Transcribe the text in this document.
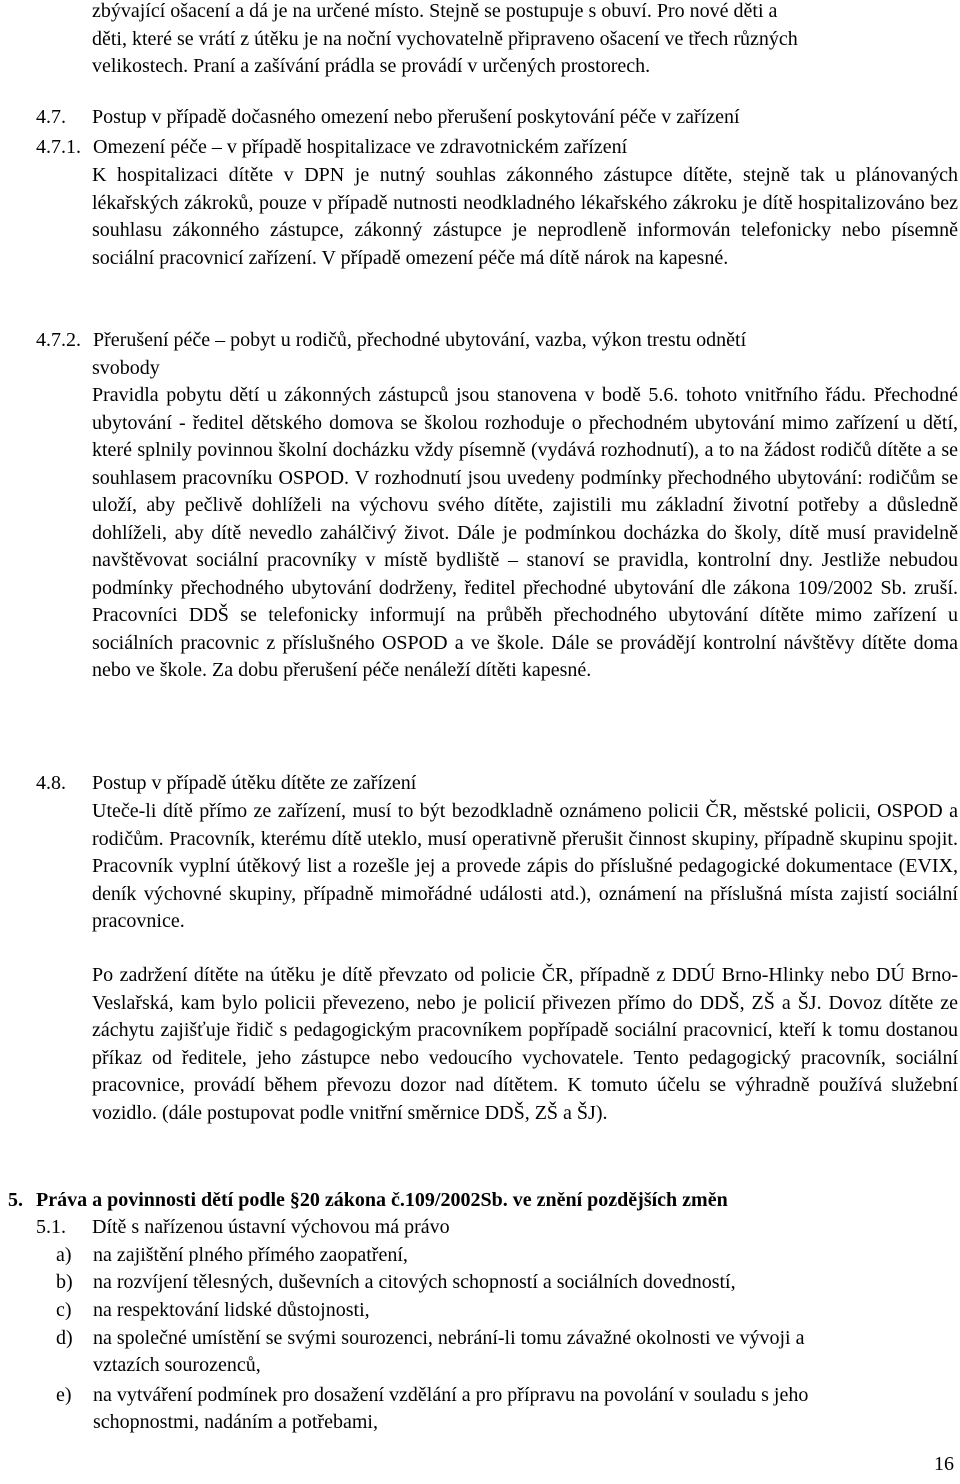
zbývající ošacení a dá je na určené místo. Stejně se postupuje s obuví. Pro nové děti a
děti, které se vrátí z útěku je na noční vychovatelně připraveno ošacení ve třech různých
velikostech. Praní a zašívání prádla se provádí v určených prostorech.
4.7. Postup v případě dočasného omezení nebo přerušení poskytování péče v zařízení
4.7.1. Omezení péče – v případě hospitalizace ve zdravotnickém zařízení
K hospitalizaci dítěte v DPN je nutný souhlas zákonného zástupce dítěte, stejně tak u plánovaných lékařských zákroků, pouze v případě nutnosti neodkladného lékařského zákroku je dítě hospitalizováno bez souhlasu zákonného zástupce, zákonný zástupce je neprodleně informován telefonicky nebo písemně sociální pracovnicí zařízení. V případě omezení péče má dítě nárok na kapesné.
4.7.2. Přerušení péče – pobyt u rodičů, přechodné ubytování, vazba, výkon trestu odnětí
svobody
Pravidla pobytu dětí u zákonných zástupců jsou stanovena v bodě 5.6. tohoto vnitřního řádu. Přechodné ubytování - ředitel dětského domova se školou rozhoduje o přechodném ubytování mimo zařízení u dětí, které splnily povinnou školní docházku vždy písemně (vydává rozhodnutí), a to na žádost rodičů dítěte a se souhlasem pracovníku OSPOD. V rozhodnutí jsou uvedeny podmínky přechodného ubytování: rodičům se uloží, aby pečlivě dohlíželi na výchovu svého dítěte, zajistili mu základní životní potřeby a důsledně dohlíželi, aby dítě nevedlo zahálčivý život. Dále je podmínkou docházka do školy, dítě musí pravidelně navštěvovat sociální pracovníky v místě bydliště – stanoví se pravidla, kontrolní dny. Jestliže nebudou podmínky přechodného ubytování dodrženy, ředitel přechodné ubytování dle zákona 109/2002 Sb. zruší. Pracovníci DDŠ se telefonicky informují na průběh přechodného ubytování dítěte mimo zařízení u sociálních pracovnic z příslušného OSPOD a ve škole. Dále se provádějí kontrolní návštěvy dítěte doma nebo ve škole. Za dobu přerušení péče nenáleží dítěti kapesné.
4.8. Postup v případě útěku dítěte ze zařízení
Uteče-li dítě přímo ze zařízení, musí to být bezodkladně oznámeno policii ČR, městské policii, OSPOD a rodičům. Pracovník, kterému dítě uteklo, musí operativně přerušit činnost skupiny, případně skupinu spojit. Pracovník vyplní útěkový list a rozešle jej a provede zápis do příslušné pedagogické dokumentace (EVIX, deník výchovné skupiny, případně mimořádné události atd.), oznámení na příslušná místa zajistí sociální pracovnice.
Po zadržení dítěte na útěku je dítě převzato od policie ČR, případně z DDÚ Brno-Hlinky nebo DÚ Brno-Veslařská, kam bylo policii převezeno, nebo je policií přivezen přímo do DDŠ, ZŠ a ŠJ. Dovoz dítěte ze záchytu zajišťuje řidič s pedagogickým pracovníkem popřípadě sociální pracovnicí, kteří k tomu dostanou příkaz od ředitele, jeho zástupce nebo vedoucího vychovatele. Tento pedagogický pracovník, sociální pracovnice, provádí během převozu dozor nad dítětem. K tomuto účelu se výhradně používá služební vozidlo. (dále postupovat podle vnitřní směrnice DDŠ, ZŠ a ŠJ).
5. Práva a povinnosti dětí podle §20 zákona č.109/2002Sb. ve znění pozdějších změn
5.1. Dítě s nařízenou ústavní výchovou má právo
a)	na zajištění plného přímého zaopatření,
b)	na rozvíjení tělesných, duševních a citových schopností a sociálních dovedností,
c)	na respektování lidské důstojnosti,
d)	na společné umístění se svými sourozenci, nebrání-li tomu závažné okolnosti ve vývoji a
vztazích sourozenců,
e)	na vytváření podmínek pro dosažení vzdělání a pro přípravu na povolání v souladu s jeho
schopnostmi, nadáním a potřebami,
16
